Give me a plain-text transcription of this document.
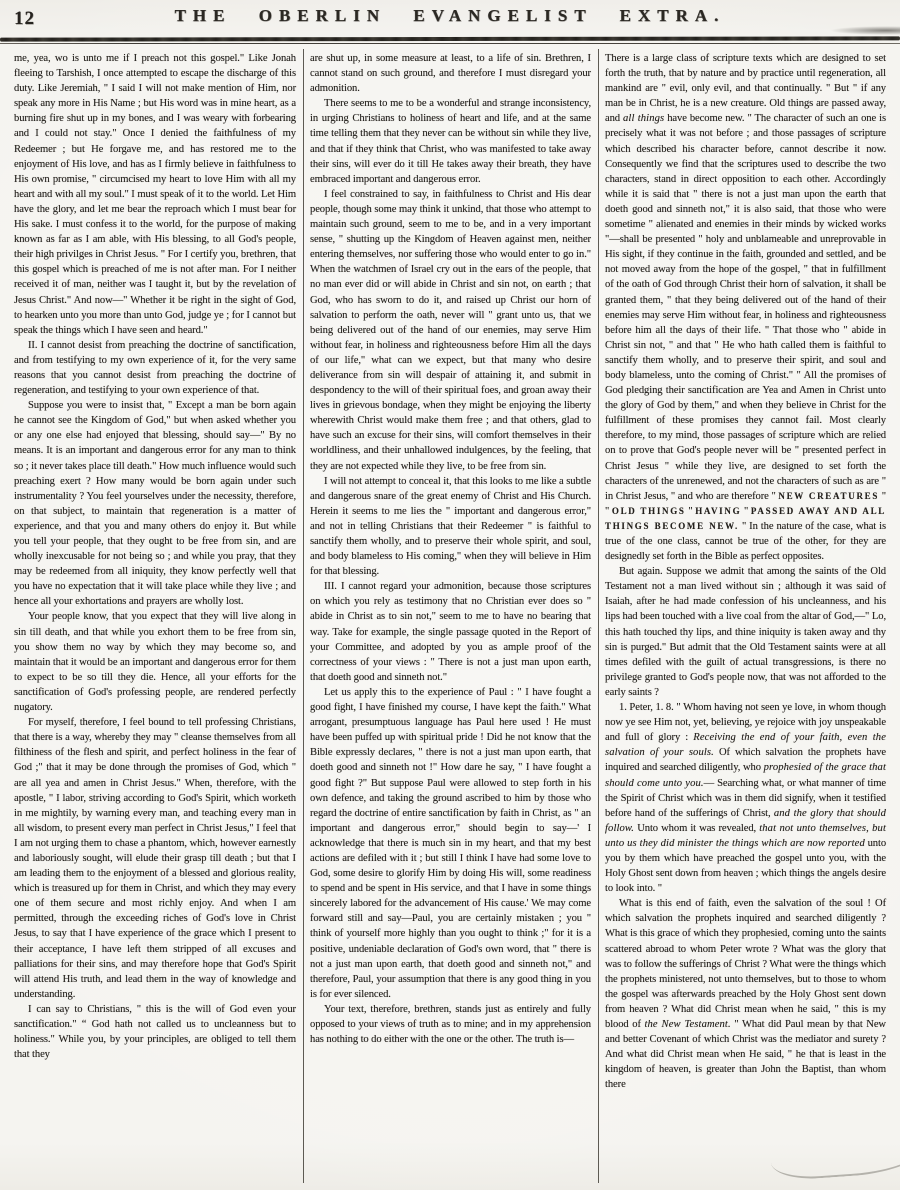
12	THE OBERLIN EVANGELIST EXTRA.

me, yea, wo is unto me if I preach not this gospel." Like Jonah fleeing to Tarshish, I once attempted to escape the discharge of this duty. Like Jeremiah, " I said I will not make mention of Him, nor speak any more in His Name ; but His word was in mine heart, as a burning fire shut up in my bones, and I was weary with forbearing and I could not stay." Once I denied the faithfulness of my Redeemer ; but He forgave me, and has restored me to the enjoyment of His love, and has as I firmly believe in faithfulness to His own promise, " circumcised my heart to love Him with all my heart and with all my soul." I must speak of it to the world. Let Him have the glory, and let me bear the reproach which I must bear for His sake. I must confess it to the world, for the purpose of making known as far as I am able, with His blessing, to all God's people, their high privilges in Christ Jesus. " For I certify you, brethren, that this gospel which is preached of me is not after man. For I neither received it of man, neither was I taught it, but by the revelation of Jesus Christ." And now—" Whether it be right in the sight of God, to hearken unto you more than unto God, judge ye ; for I cannot but speak the things which I have seen and heard."

II. I cannot desist from preaching the doctrine of sanctification, and from testifying to my own experience of it, for the very same reasons that you cannot desist from preaching the doctrine of regeneration, and testifying to your own experience of that.

Suppose you were to insist that, " Except a man be born again he cannot see the Kingdom of God," but when asked whether you or any one else had enjoyed that blessing, should say—" By no means. It is an important and dangerous error for any man to think so ; it never takes place till death." How much influence would such preaching exert ? How many would be born again under such instrumentality ? You feel yourselves under the necessity, therefore, on that subject, to maintain that regeneration is a matter of experience, and that you and many others do enjoy it. But while you tell your people, that they ought to be free from sin, and are wholly inexcusable for not being so ; and while you pray, that they may be redeemed from all iniquity, they know perfectly well that you have no expectation that it will take place while they live ; and hence all your exhortations and prayers are wholly lost.

Your people know, that you expect that they will live along in sin till death, and that while you exhort them to be free from sin, you show them no way by which they may become so, and maintain that it would be an important and dangerous error for them to expect to be so till they die. Hence, all your efforts for the sanctification of God's professing people, are rendered perfectly nugatory.

For myself, therefore, I feel bound to tell professing Christians, that there is a way, whereby they may " cleanse themselves from all filthiness of the flesh and spirit, and perfect holiness in the fear of God ;" that it may be done through the promises of God, which " are all yea and amen in Christ Jesus." When, therefore, with the apostle, " I labor, striving according to God's Spirit, which worketh in me mightily, by warning every man, and teaching every man in all wisdom, to present every man perfect in Christ Jesus," I feel that I am not urging them to chase a phantom, which, however earnestly and laboriously sought, will elude their grasp till death ; but that I am leading them to the enjoyment of a blessed and glorious reality, which is treasured up for them in Christ, and which they may every one of them secure and most richly enjoy. And when I am permitted, through the exceeding riches of God's love in Christ Jesus, to say that I have experience of the grace which I present to their acceptance, I have left them stripped of all excuses and palliations for their sins, and may therefore hope that God's Spirit will attend His truth, and lead them in the way of knowledge and understanding.

I can say to Christians, " this is the will of God even your sanctification." “ God hath not called us to uncleanness but to holiness." While you, by your principles, are obliged to tell them that they

are shut up, in some measure at least, to a life of sin. Brethren, I cannot stand on such ground, and therefore I must disregard your admonition.

There seems to me to be a wonderful and strange inconsistency, in urging Christians to holiness of heart and life, and at the same time telling them that they never can be without sin while they live, and that if they think that Christ, who was manifested to take away their sins, will ever do it till He takes away their breath, they have embraced important and dangerous error.

I feel constrained to say, in faithfulness to Christ and His dear people, though some may think it unkind, that those who attempt to maintain such ground, seem to me to be, and in a very important sense, " shutting up the Kingdom of Heaven against men, neither entering themselves, nor suffering those who would enter to go in." When the watchmen of Israel cry out in the ears of the people, that no man ever did or will abide in Christ and sin not, on earth ; that God, who has sworn to do it, and raised up Christ our horn of salvation to perform the oath, never will " grant unto us, that we being delivered out of the hand of our enemies, may serve Him without fear, in holiness and righteousness before Him all the days of our life," what can we expect, but that many who desire deliverance from sin will despair of attaining it, and submit in despondency to the will of their spiritual foes, and groan away their lives in grievous bondage, when they might be enjoying the liberty wherewith Christ would make them free ; and that others, glad to have such an excuse for their sins, will comfort themselves in their worldliness, and their unhallowed indulgences, by the feeling, that they are not expected while they live, to be free from sin.

I will not attempt to conceal it, that this looks to me like a subtle and dangerous snare of the great enemy of Christ and His Church. Herein it seems to me lies the " important and dangerous error," and not in telling Christians that their Redeemer " is faithful to sanctify them wholly, and to preserve their whole spirit, and soul, and body blameless to His coming," when they will believe in Him for that blessing.

III. I cannot regard your admonition, because those scriptures on which you rely as testimony that no Christian ever does so " abide in Christ as to sin not," seem to me to have no bearing that way. Take for example, the single passage quoted in the Report of your Committee, and adopted by you as ample proof of the correctness of your views : " There is not a just man upon earth, that doeth good and sinneth not."

Let us apply this to the experience of Paul : " I have fought a good fight, I have finished my course, I have kept the faith." What arrogant, presumptuous language has Paul here used ! He must have been puffed up with spiritual pride ! Did he not know that the Bible expressly declares, " there is not a just man upon earth, that doeth good and sinneth not !" How dare he say, " I have fought a good fight ?" But suppose Paul were allowed to step forth in his own defence, and taking the ground ascribed to him by those who regard the doctrine of entire sanctification by faith in Christ, as " an important and dangerous error," should begin to say—' I acknowledge that there is much sin in my heart, and that my best actions are defiled with it ; but still I think I have had some love to God, some desire to glorify Him by doing His will, some readiness to spend and be spent in His service, and that I have in some things sincerely labored for the advancement of His cause.' We may come forward still and say—Paul, you are certainly mistaken ; you " think of yourself more highly than you ought to think ;" for it is a positive, undeniable declaration of God's own word, that " there is not a just man upon earth, that doeth good and sinneth not," and therefore, Paul, your assumption that there is any good thing in you is for ever silenced.

Your text, therefore, brethren, stands just as entirely and fully opposed to your views of truth as to mine; and in my apprehension has nothing to do either with the one or the other. The truth is—

There is a large class of scripture texts which are designed to set forth the truth, that by nature and by practice until regeneration, all mankind are " evil, only evil, and that continually. " But " if any man be in Christ, he is a new creature. Old things are passed away, and all things have become new. " The character of such an one is precisely what it was not before ; and those passages of scripture which described his character before, cannot describe it now. Consequently we find that the scriptures used to describe the two characters, stand in direct opposition to each other. Accordingly while it is said that " there is not a just man upon the earth that doeth good and sinneth not," it is also said, that those who were sometime " alienated and enemies in their minds by wicked works "—shall be presented " holy and unblameable and unreprovable in His sight, if they continue in the faith, grounded and settled, and be not moved away from the hope of the gospel, " that in fulfillment of the oath of God through Christ their horn of salvation, it shall be granted them, " that they being delivered out of the hand of their enemies may serve Him without fear, in holiness and righteousness before him all the days of their life. " That those who " abide in Christ sin not, " and that " He who hath called them is faithful to sanctify them wholly, and to preserve their spirit, and soul and body blameless, unto the coming of Christ." " All the promises of God pledging their sanctification are Yea and Amen in Christ unto the glory of God by them," and when they believe in Christ for the fulfillment of these promises they cannot fail. Most clearly therefore, to my mind, those passages of scripture which are relied on to prove that God's people never will be " presented perfect in Christ Jesus " while they live, are designed to set forth the characters of the unrenewed, and not the characters of such as are " in Christ Jesus, " and who are therefore " NEW CREATURES " " OLD THINGS " HAVING " PASSED AWAY AND ALL THINGS BECOME NEW. " In the nature of the case, what is true of the one class, cannot be true of the other, for they are designedly set forth in the Bible as perfect opposites.

But again. Suppose we admit that among the saints of the Old Testament not a man lived without sin ; although it was said of Isaiah, after he had made confession of his uncleanness, and his lips had been touched with a live coal from the altar of God,—" Lo, this hath touched thy lips, and thine iniquity is taken away and thy sin is purged." But admit that the Old Testament saints were at all times defiled with the guilt of actual transgressions, is there no privilege granted to God's people now, that was not afforded to the early saints ?

1. Peter, 1. 8. " Whom having not seen ye love, in whom though now ye see Him not, yet, believing, ye rejoice with joy unspeakable and full of glory : Receiving the end of your faith, even the salvation of your souls. Of which salvation the prophets have inquired and searched diligently, who prophesied of the grace that should come unto you.— Searching what, or what manner of time the Spirit of Christ which was in them did signify, when it testified before hand of the sufferings of Christ, and the glory that should follow. Unto whom it was revealed, that not unto themselves, but unto us they did minister the things which are now reported unto you by them which have preached the gospel unto you, with the Holy Ghost sent down from heaven ; which things the angels desire to look into. "

What is this end of faith, even the salvation of the soul ! Of which salvation the prophets inquired and searched diligently ? What is this grace of which they prophesied, coming unto the saints scattered abroad to whom Peter wrote ? What was the glory that was to follow the sufferings of Christ ? What were the things which the prophets ministered, not unto themselves, but to those to whom the gospel was afterwards preached by the Holy Ghost sent down from heaven ? What did Christ mean when he said, " this is my blood of the New Testament. " What did Paul mean by that New and better Covenant of which Christ was the mediator and surety ? And what did Christ mean when He said, " he that is least in the kingdom of heaven, is greater than John the Baptist, than whom there
